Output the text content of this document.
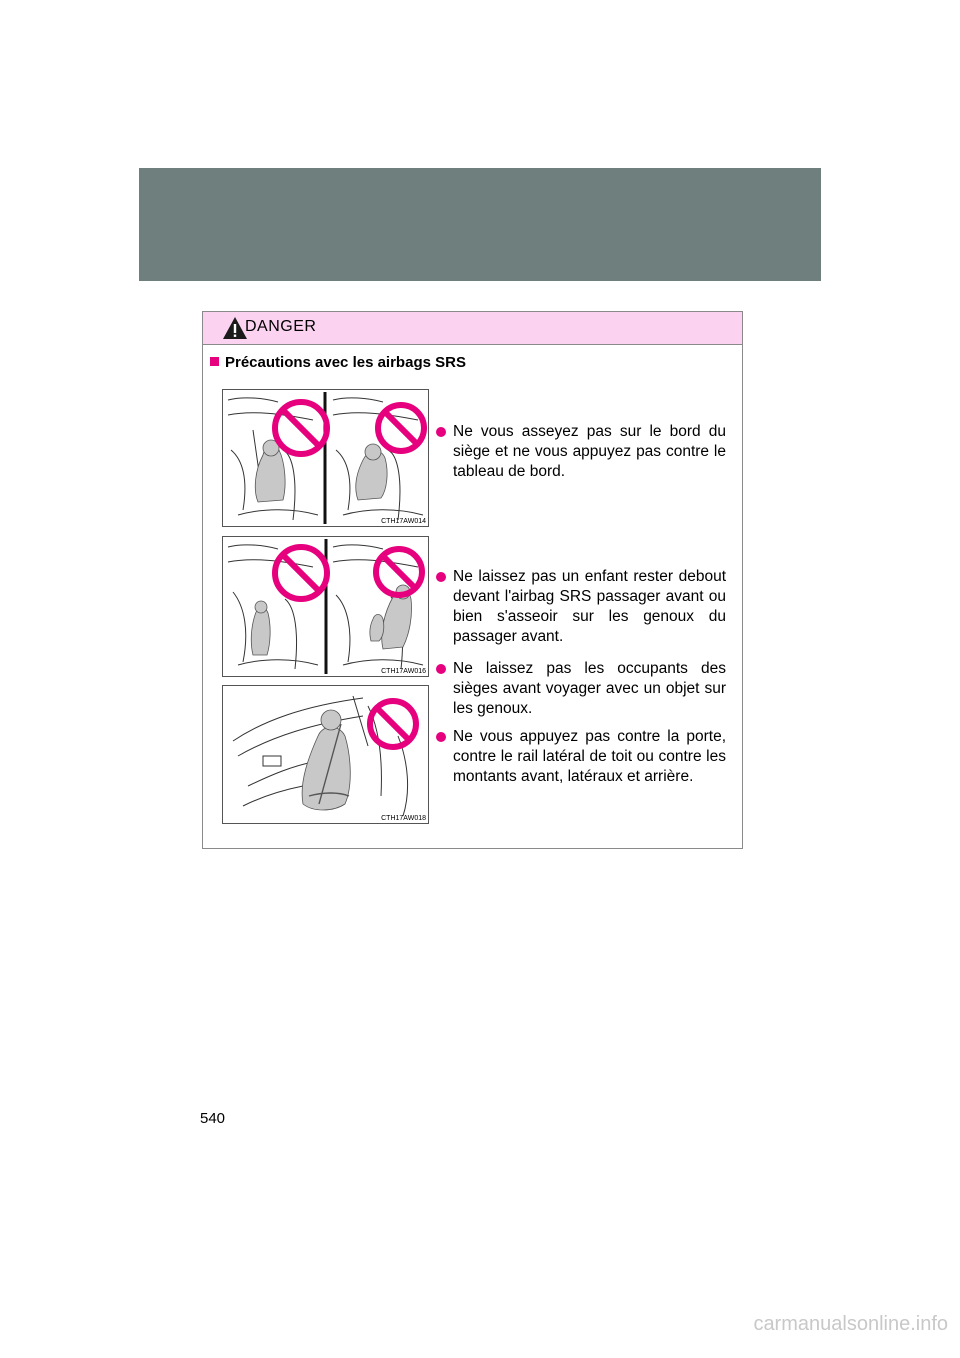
DANGER
Précautions avec les airbags SRS
CTH17AW014
CTH17AW016
CTH17AW018
Ne vous asseyez pas sur le bord du siège et ne vous appuyez pas contre le tableau de bord.
Ne laissez pas un enfant rester debout devant l'airbag SRS passager avant ou bien s'asseoir sur les genoux du passager avant.
Ne laissez pas les occupants des sièges avant voyager avec un objet sur les genoux.
Ne vous appuyez pas contre la porte, contre le rail latéral de toit ou contre les montants avant, latéraux et arrière.
540
carmanualsonline.info
